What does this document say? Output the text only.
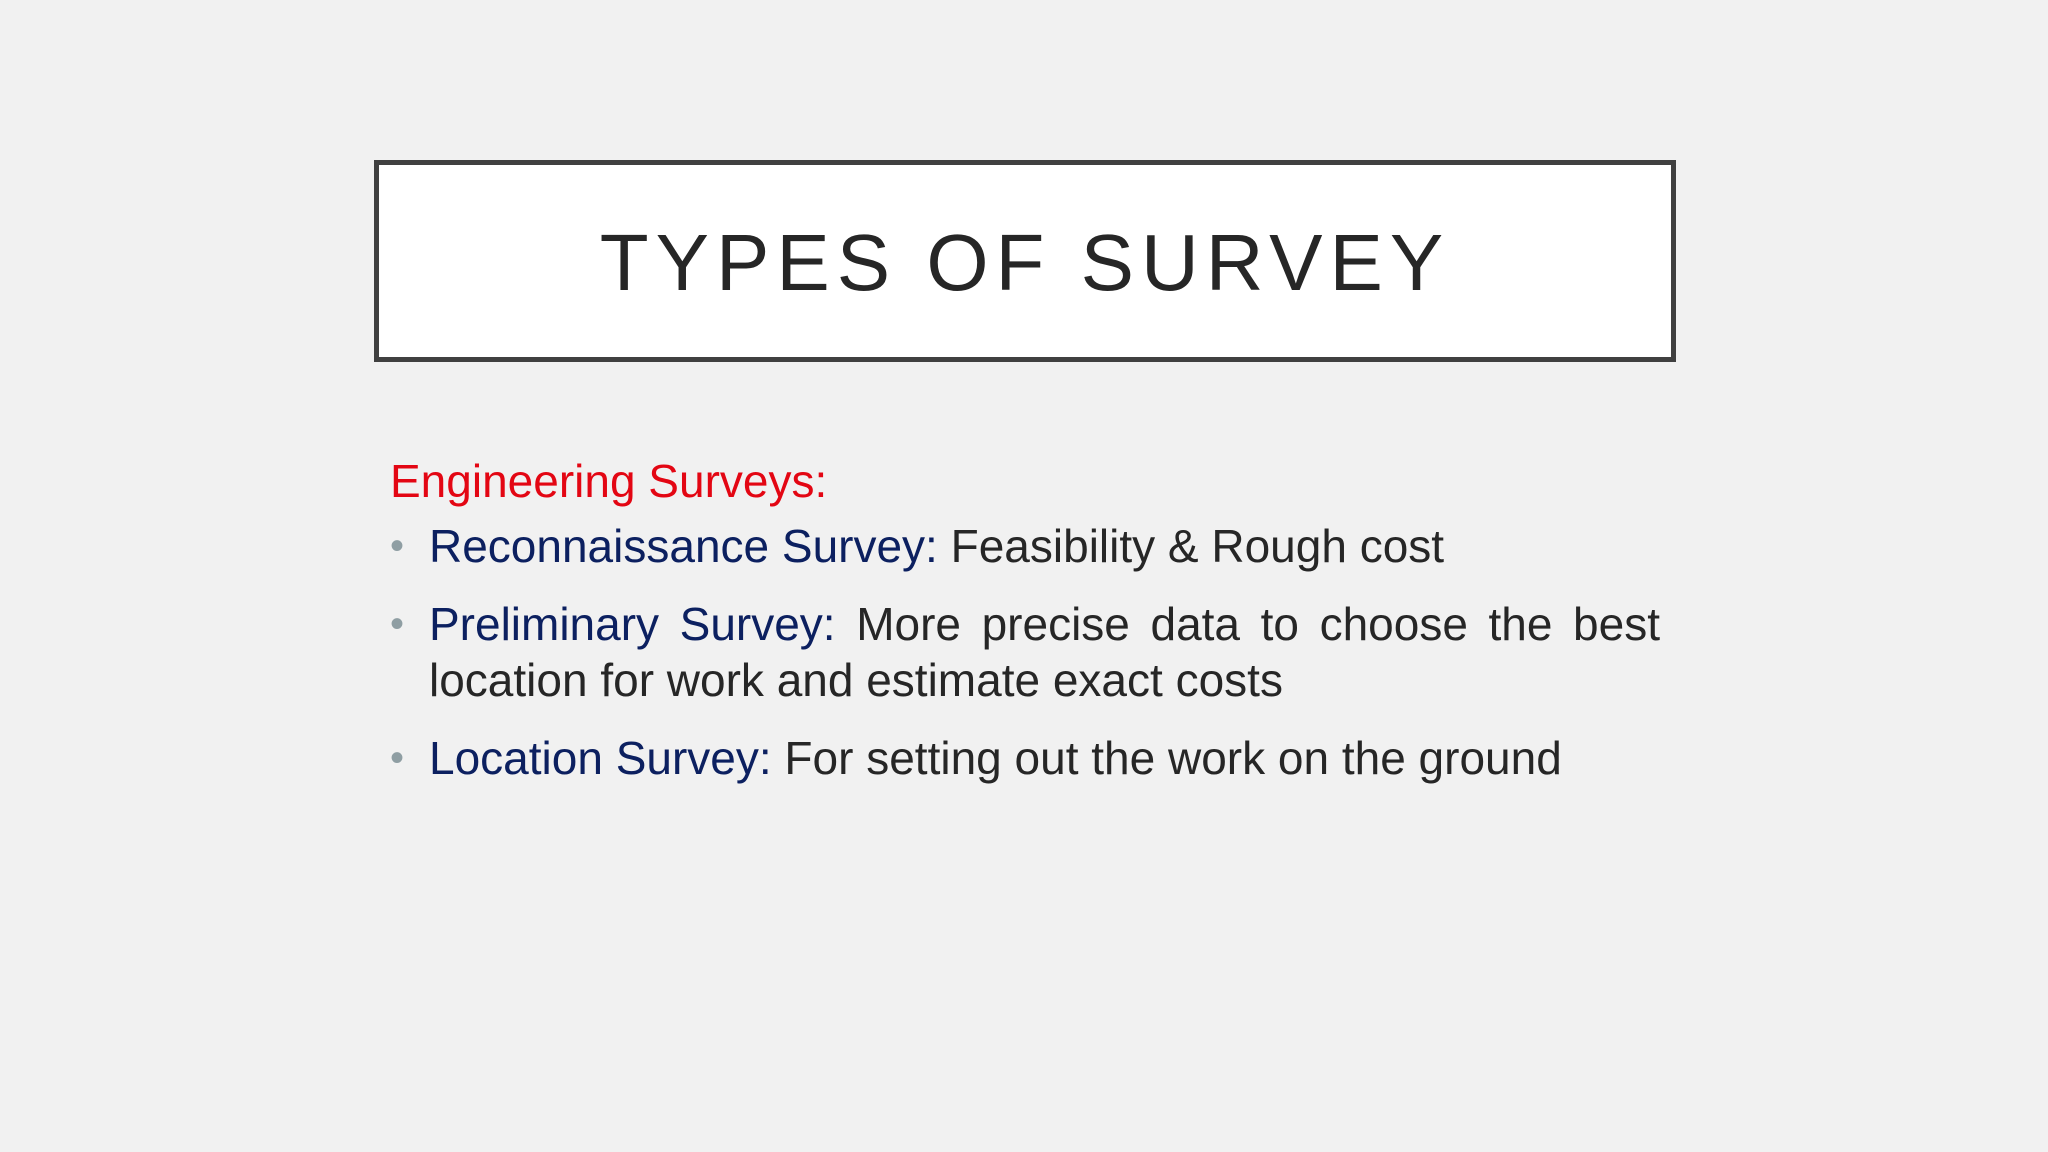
TYPES OF SURVEY

Engineering Surveys:

• Reconnaissance Survey: Feasibility & Rough cost
• Preliminary Survey: More precise data to choose the best location for work and estimate exact costs
• Location Survey: For setting out the work on the ground
